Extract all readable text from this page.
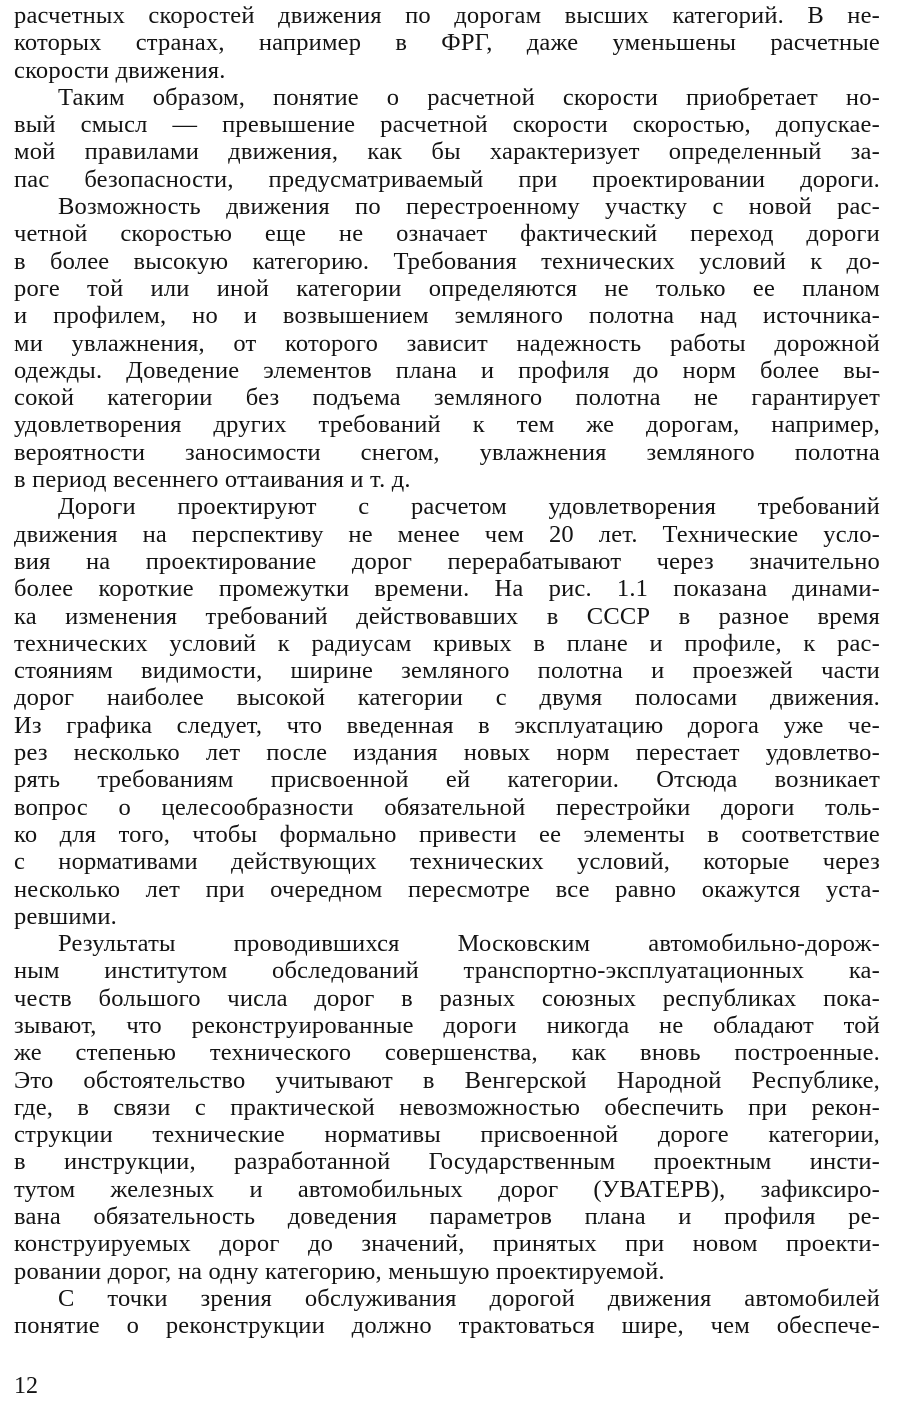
расчетных скоростей движения по дорогам высших категорий. В не-
которых странах, например в ФРГ, даже уменьшены расчетные
скорости движения.
Таким образом, понятие о расчетной скорости приобретает но-
вый смысл — превышение расчетной скорости скоростью, допускае-
мой правилами движения, как бы характеризует определенный за-
пас безопасности, предусматриваемый при проектировании дороги.
Возможность движения по перестроенному участку с новой рас-
четной скоростью еще не означает фактический переход дороги
в более высокую категорию. Требования технических условий к до-
роге той или иной категории определяются не только ее планом
и профилем, но и возвышением земляного полотна над источника-
ми увлажнения, от которого зависит надежность работы дорожной
одежды. Доведение элементов плана и профиля до норм более вы-
сокой категории без подъема земляного полотна не гарантирует
удовлетворения других требований к тем же дорогам, например,
вероятности заносимости снегом, увлажнения земляного полотна
в период весеннего оттаивания и т. д.
Дороги проектируют с расчетом удовлетворения требований
движения на перспективу не менее чем 20 лет. Технические усло-
вия на проектирование дорог перерабатывают через значительно
более короткие промежутки времени. На рис. 1.1 показана динами-
ка изменения требований действовавших в СССР в разное время
технических условий к радиусам кривых в плане и профиле, к рас-
стояниям видимости, ширине земляного полотна и проезжей части
дорог наиболее высокой категории с двумя полосами движения.
Из графика следует, что введенная в эксплуатацию дорога уже че-
рез несколько лет после издания новых норм перестает удовлетво-
рять требованиям присвоенной ей категории. Отсюда возникает
вопрос о целесообразности обязательной перестройки дороги толь-
ко для того, чтобы формально привести ее элементы в соответствие
с нормативами действующих технических условий, которые через
несколько лет при очередном пересмотре все равно окажутся уста-
ревшими.
Результаты проводившихся Московским автомобильно-дорож-
ным институтом обследований транспортно-эксплуатационных ка-
честв большого числа дорог в разных союзных республиках пока-
зывают, что реконструированные дороги никогда не обладают той
же степенью технического совершенства, как вновь построенные.
Это обстоятельство учитывают в Венгерской Народной Республике,
где, в связи с практической невозможностью обеспечить при рекон-
струкции технические нормативы присвоенной дороге категории,
в инструкции, разработанной Государственным проектным инсти-
тутом железных и автомобильных дорог (УВАТЕРВ), зафиксиро-
вана обязательность доведения параметров плана и профиля ре-
конструируемых дорог до значений, принятых при новом проекти-
ровании дорог, на одну категорию, меньшую проектируемой.
С точки зрения обслуживания дорогой движения автомобилей
понятие о реконструкции должно трактоваться шире, чем обеспече-
12
